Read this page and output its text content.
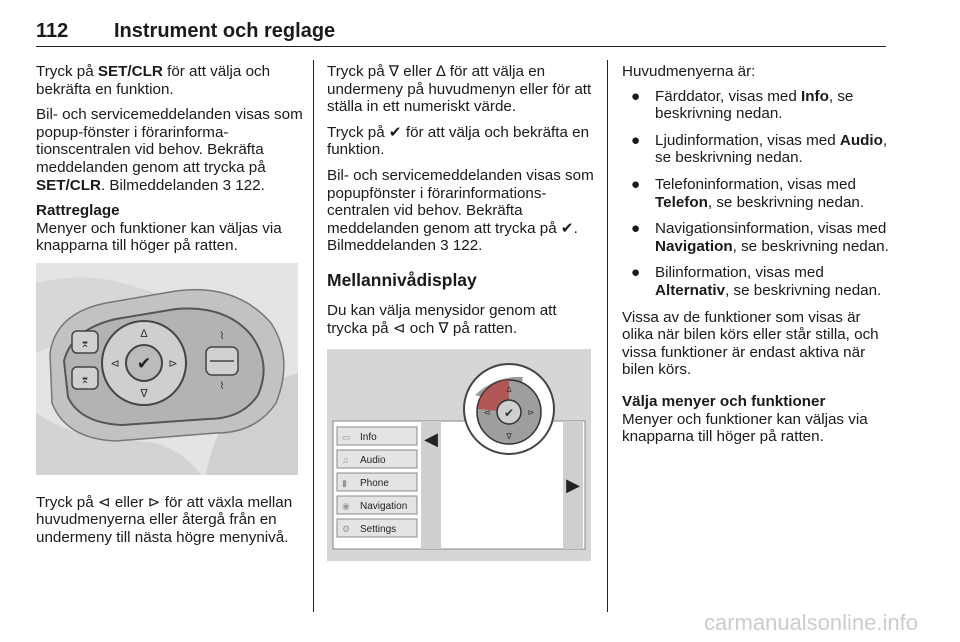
112 Instrument och reglage

Tryck på SET/CLR för att välja och bekräfta en funktion.

Bil- och servicemeddelanden visas som popup-fönster i förarinforma-tionscentralen vid behov. Bekräfta meddelanden genom att trycka på SET/CLR. Bilmeddelanden 3 122.

Rattreglage

Menyer och funktioner kan väljas via knapparna till höger på ratten.

⌆
⌆
✔
∆
∇
⊲	⊳
⌇
⌇

Tryck på ⊲ eller ⊳ för att växla mellan huvudmenyerna eller återgå från en undermeny till nästa högre menynivå.

Tryck på ∇ eller ∆ för att välja en undermeny på huvudmenyn eller för att ställa in ett numeriskt värde.

Tryck på ✔ för att välja och bekräfta en funktion.

Bil- och servicemeddelanden visas som popupfönster i förarinformations-centralen vid behov. Bekräfta meddelanden genom att trycka på ✔. Bilmeddelanden 3 122.

Mellannivådisplay

Du kan välja menysidor genom att trycka på ⊲ och ∇ på ratten.

◀
▶
▭ Info
♫ Audio
▮ Phone
◉ Navigation
⚙ Settings
✔
∆
∇
⊲	⊳

Huvudmenyerna är:

● Färddator, visas med Info, se beskrivning nedan.
● Ljudinformation, visas med Audio, se beskrivning nedan.
● Telefoninformation, visas med Telefon, se beskrivning nedan.
● Navigationsinformation, visas med Navigation, se beskrivning nedan.
● Bilinformation, visas med Alternativ, se beskrivning nedan.

Vissa av de funktioner som visas är olika när bilen körs eller står stilla, och vissa funktioner är endast aktiva när bilen körs.

Välja menyer och funktioner

Menyer och funktioner kan väljas via knapparna till höger på ratten.

carmanualsonline.info
